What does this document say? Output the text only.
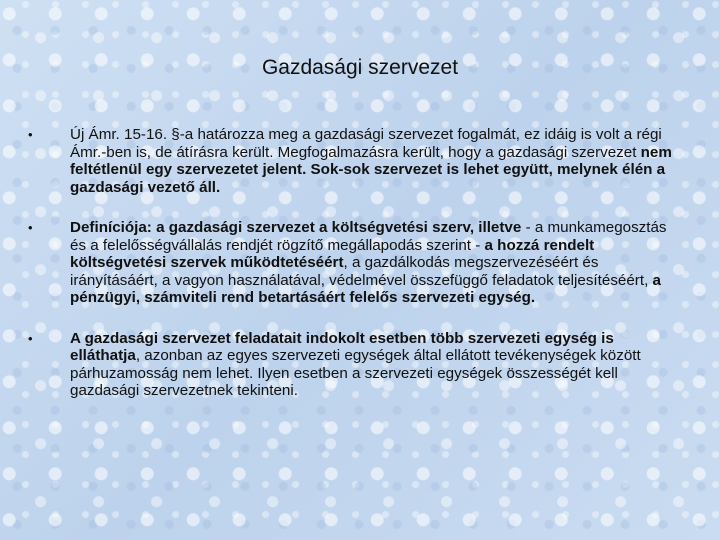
Gazdasági szervezet
• Új Ámr. 15-16. §-a határozza meg a gazdasági szervezet fogalmát, ez idáig is volt a régi Ámr.-ben is, de átírásra került. Megfogalmazásra került, hogy a gazdasági szervezet nem feltétlenül egy szervezetet jelent. Sok-sok szervezet is lehet együtt, melynek élén a gazdasági vezető áll.
• Definíciója: a gazdasági szervezet a költségvetési szerv, illetve - a munkamegosztás és a felelősségvállalás rendjét rögzítő megállapodás szerint - a hozzá rendelt költségvetési szervek működtetéséért, a gazdálkodás megszervezéséért és irányításáért, a vagyon használatával, védelmével összefüggő feladatok teljesítéséért, a pénzügyi, számviteli rend betartásáért felelős szervezeti egység.
• A gazdasági szervezet feladatait indokolt esetben több szervezeti egység is elláthatja, azonban az egyes szervezeti egységek által ellátott tevékenységek között párhuzamosság nem lehet. Ilyen esetben a szervezeti egységek összességét kell gazdasági szervezetnek tekinteni.
